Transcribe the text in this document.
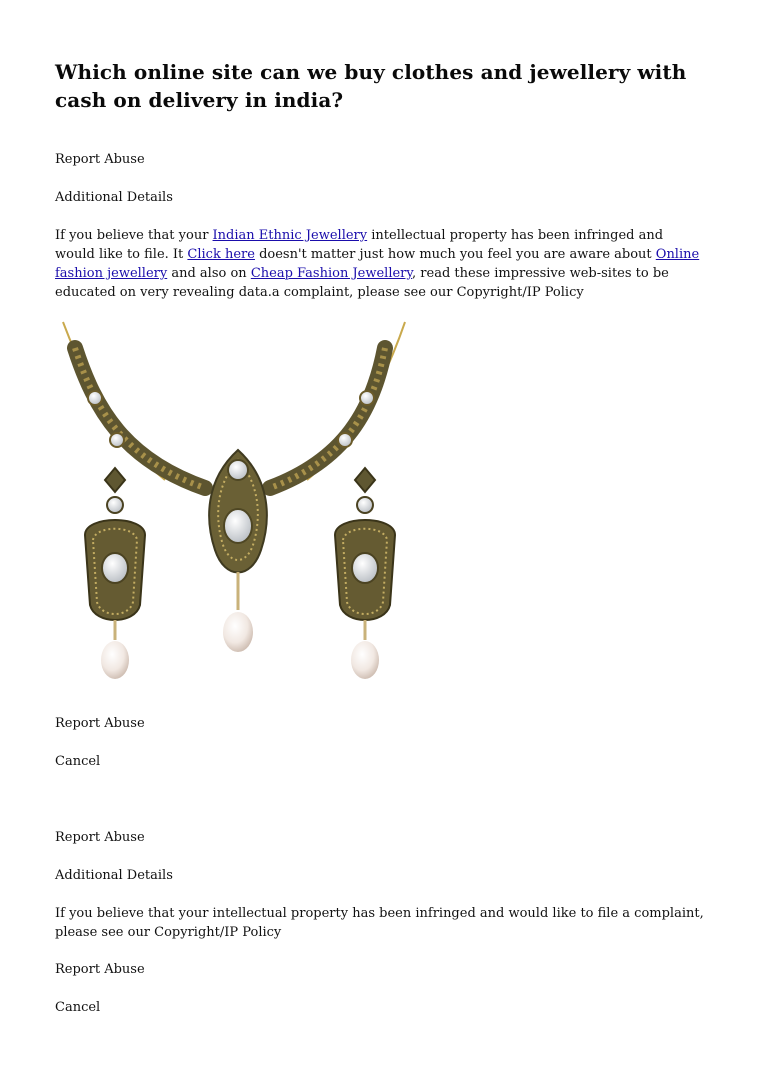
Which online site can we buy clothes and jewellery with cash on delivery in india?

Report Abuse

Additional Details

If you believe that your Indian Ethnic Jewellery intellectual property has been infringed and would like to file. It Click here doesn't matter just how much you feel you are aware about Online fashion jewellery and also on Cheap Fashion Jewellery, read these impressive web-sites to be educated on very revealing data.a complaint, please see our Copyright/IP Policy

Report Abuse

Cancel

Report Abuse

Additional Details

If you believe that your intellectual property has been infringed and would like to file a complaint, please see our Copyright/IP Policy

Report Abuse

Cancel
